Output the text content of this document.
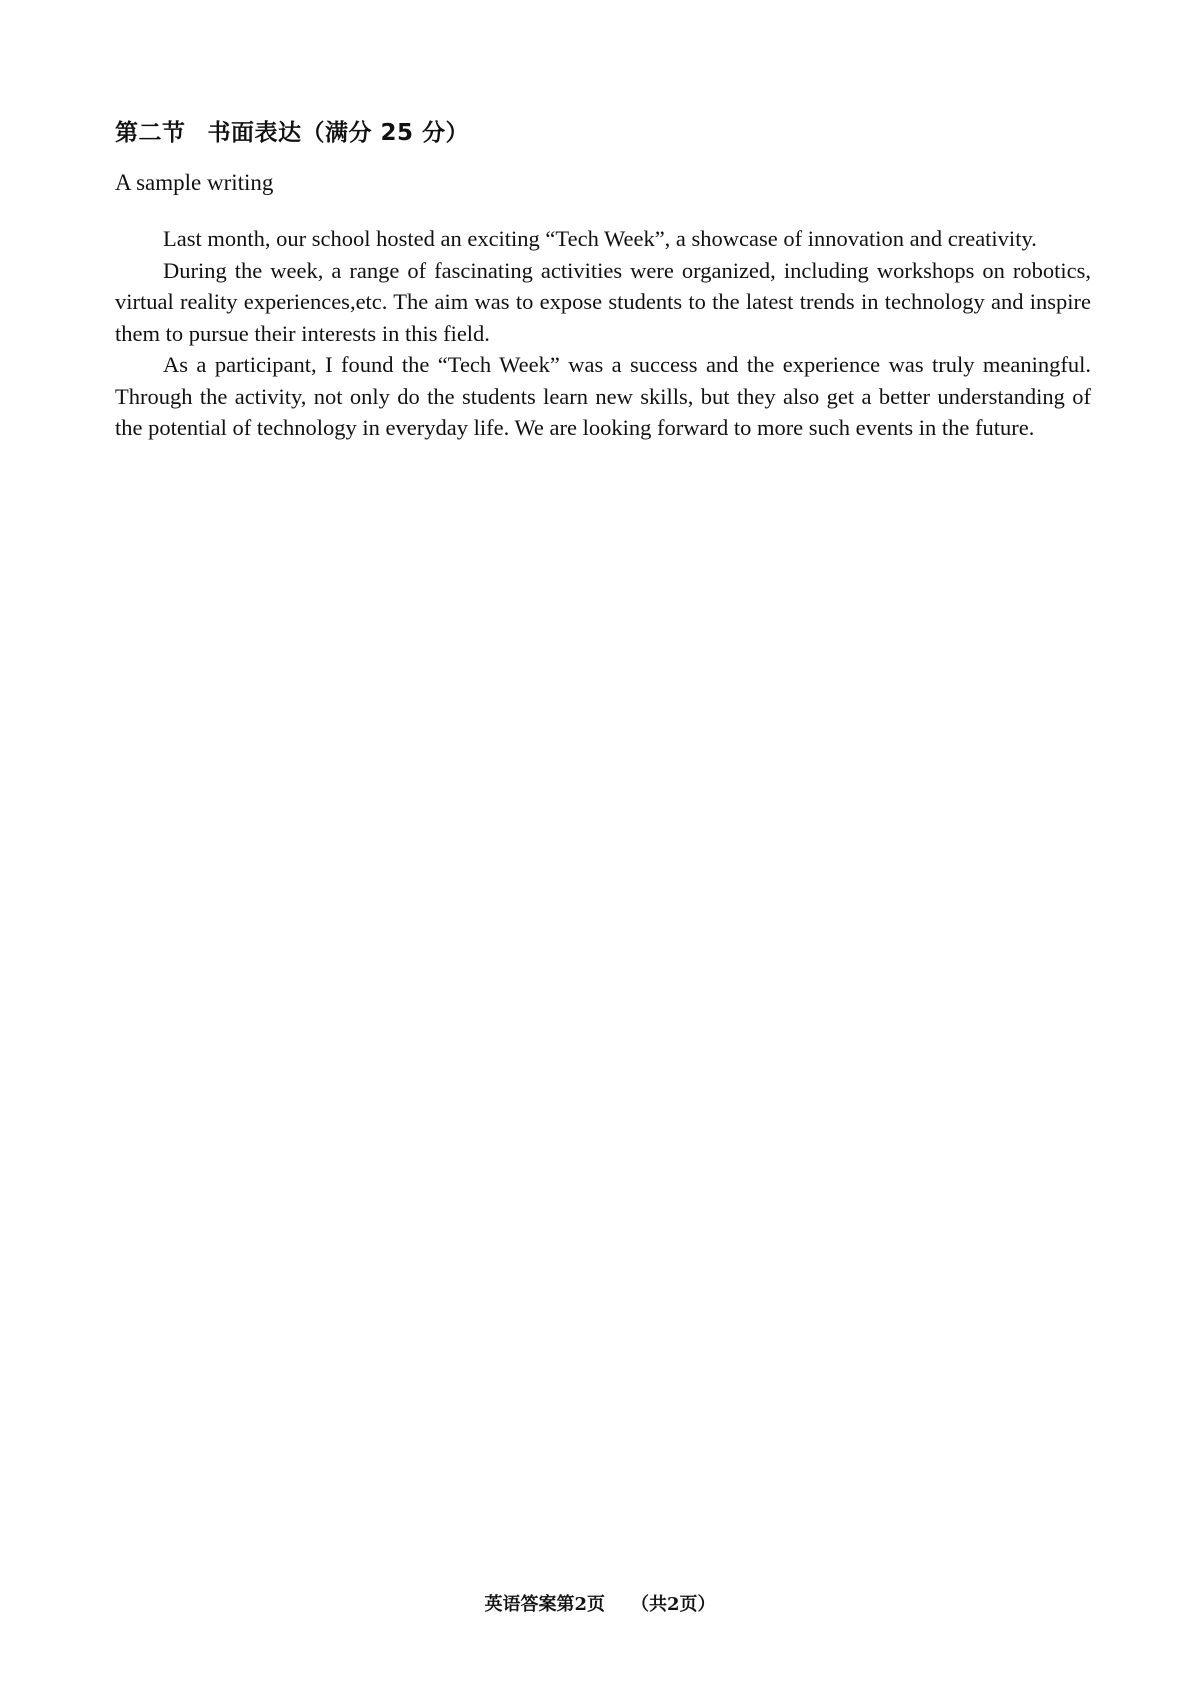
第二节 书面表达（满分 25 分）
A sample writing

Last month, our school hosted an exciting “Tech Week”, a showcase of innovation and creativity.

During the week, a range of fascinating activities were organized, including workshops on robotics, virtual reality experiences,etc. The aim was to expose students to the latest trends in technology and inspire them to pursue their interests in this field.

As a participant, I found the “Tech Week” was a success and the experience was truly meaningful. Through the activity, not only do the students learn new skills, but they also get a better understanding of the potential of technology in everyday life. We are looking forward to more such events in the future.

英语答案第2页 （共2页）
